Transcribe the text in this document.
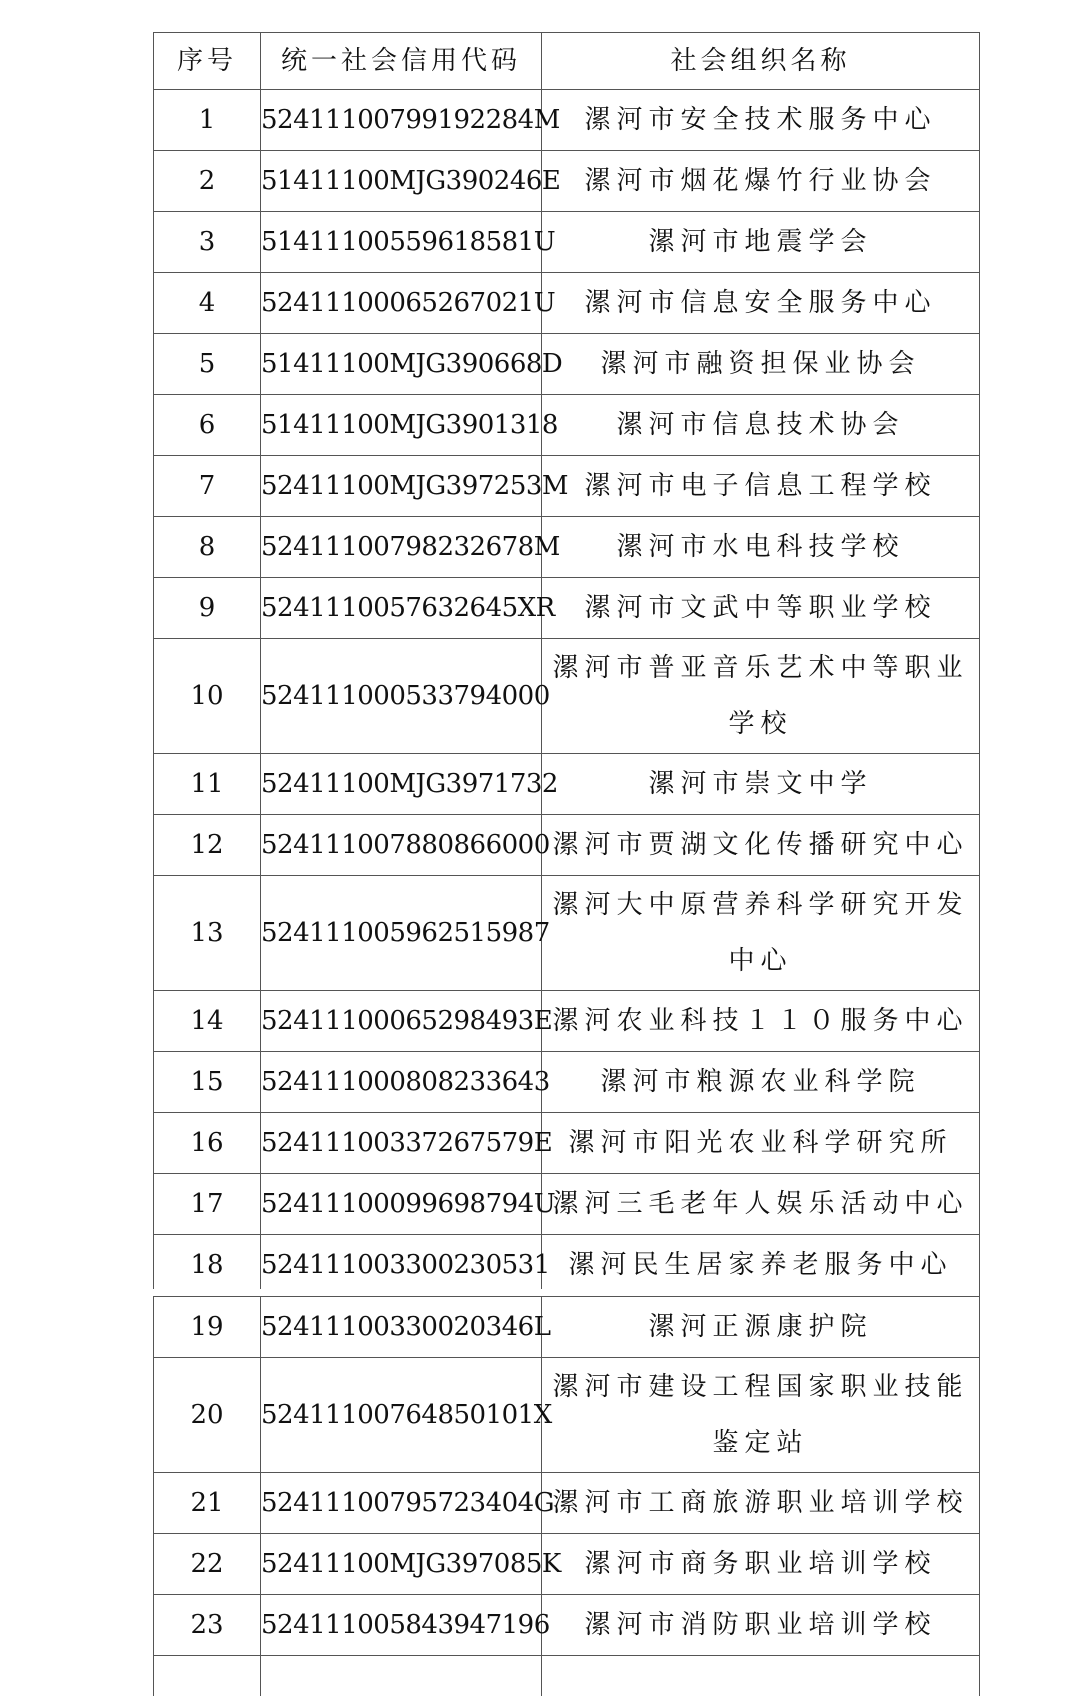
序号	统一社会信用代码	社会组织名称
1	52411100799192284M	漯河市安全技术服务中心
2	51411100MJG390246E	漯河市烟花爆竹行业协会
3	51411100559618581U	漯河市地震学会
4	52411100065267021U	漯河市信息安全服务中心
5	51411100MJG390668D	漯河市融资担保业协会
6	51411100MJG3901318	漯河市信息技术协会
7	52411100MJG397253M	漯河市电子信息工程学校
8	52411100798232678M	漯河市水电科技学校
9	5241110057632645XR	漯河市文武中等职业学校
10	524111000533794000	漯河市普亚音乐艺术中等职业学校
11	52411100MJG3971732	漯河市崇文中学
12	524111007880866000	漯河市贾湖文化传播研究中心
13	524111005962515987	漯河大中原营养科学研究开发中心
14	52411100065298493E	漯河农业科技１１０服务中心
15	524111000808233643	漯河市粮源农业科学院
16	52411100337267579E	漯河市阳光农业科学研究所
17	52411100099698794U	漯河三毛老年人娱乐活动中心
18	524111003300230531	漯河民生居家养老服务中心
19	52411100330020346L	漯河正源康护院
20	52411100764850101X	漯河市建设工程国家职业技能鉴定站
21	52411100795723404G	漯河市工商旅游职业培训学校
22	52411100MJG397085K	漯河市商务职业培训学校
23	524111005843947196	漯河市消防职业培训学校
